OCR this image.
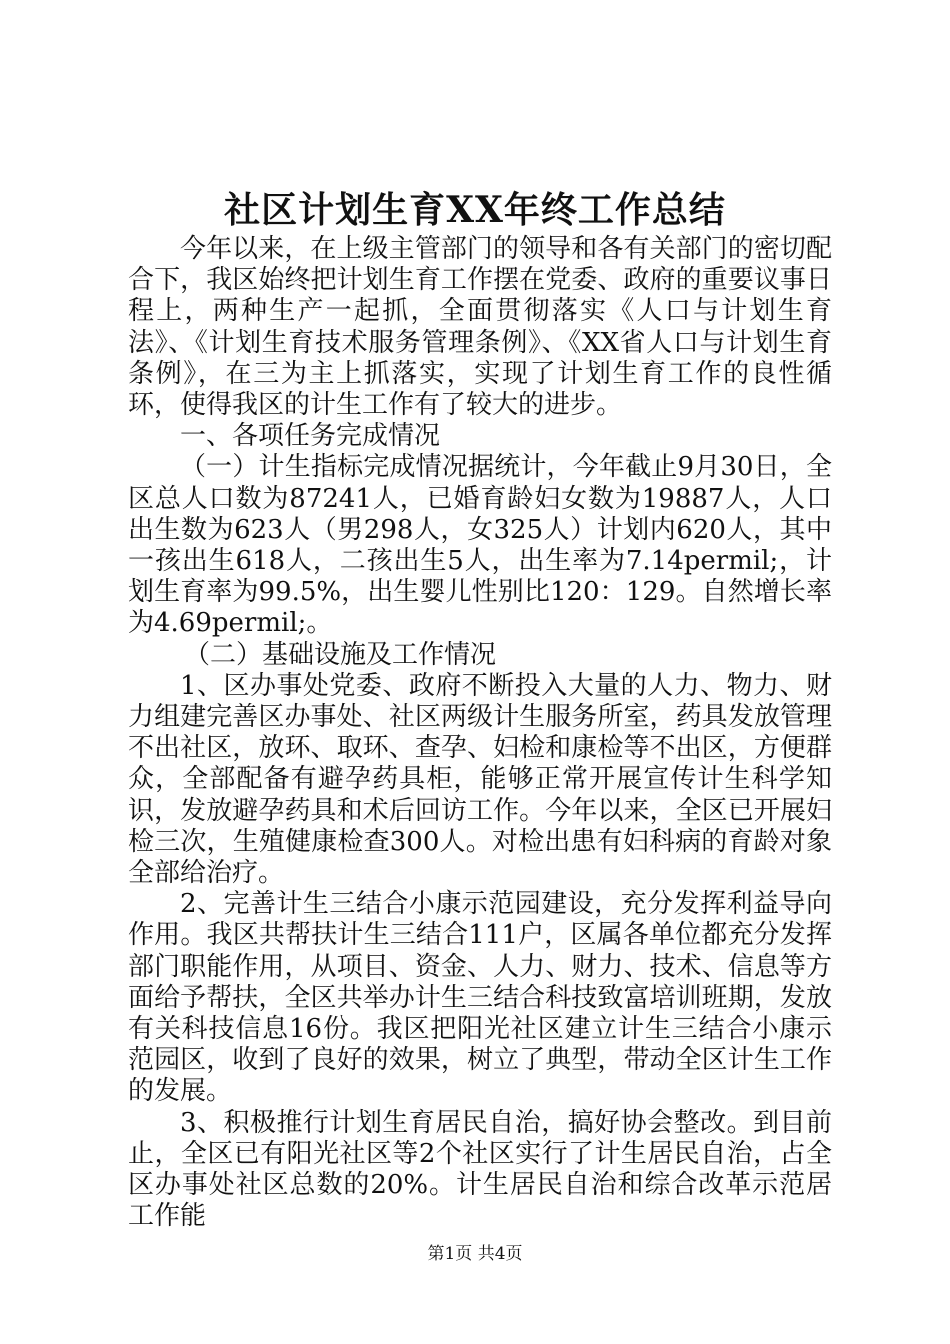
社区计划生育XX年终工作总结

今年以来，在上级主管部门的领导和各有关部门的密切配合下，我区始终把计划生育工作摆在党委、政府的重要议事日程上，两种生产一起抓，全面贯彻落实《人口与计划生育法》、《计划生育技术服务管理条例》、《XX省人口与计划生育条例》，在三为主上抓落实，实现了计划生育工作的良性循环，使得我区的计生工作有了较大的进步。

一、各项任务完成情况

（一）计生指标完成情况据统计，今年截止9月30日，全区总人口数为87241人，已婚育龄妇女数为19887人，人口出生数为623人（男298人，女325人）计划内620人，其中一孩出生618人，二孩出生5人，出生率为7.14permil;，计划生育率为99.5%，出生婴儿性别比120：129。自然增长率为4.69permil;。

（二）基础设施及工作情况

1、区办事处党委、政府不断投入大量的人力、物力、财力组建完善区办事处、社区两级计生服务所室，药具发放管理不出社区，放环、取环、查孕、妇检和康检等不出区，方便群众，全部配备有避孕药具柜，能够正常开展宣传计生科学知识，发放避孕药具和术后回访工作。今年以来，全区已开展妇检三次，生殖健康检查300人。对检出患有妇科病的育龄对象全部给治疗。

2、完善计生三结合小康示范园建设，充分发挥利益导向作用。我区共帮扶计生三结合111户，区属各单位都充分发挥部门职能作用，从项目、资金、人力、财力、技术、信息等方面给予帮扶，全区共举办计生三结合科技致富培训班期，发放有关科技信息16份。我区把阳光社区建立计生三结合小康示范园区，收到了良好的效果，树立了典型，带动全区计生工作的发展。

3、积极推行计划生育居民自治，搞好协会整改。到目前止，全区已有阳光社区等2个社区实行了计生居民自治，占全区办事处社区总数的20%。计生居民自治和综合改革示范居工作能

第1页 共4页
